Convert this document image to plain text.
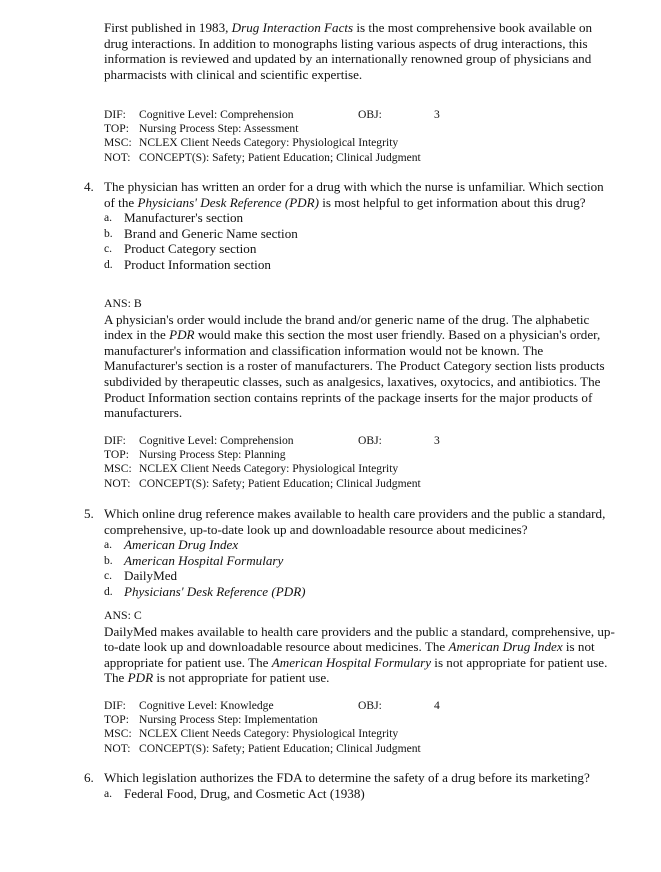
First published in 1983, Drug Interaction Facts is the most comprehensive book available on drug interactions. In addition to monographs listing various aspects of drug interactions, this information is reviewed and updated by an internationally renowned group of physicians and pharmacists with clinical and scientific expertise.

DIF: Cognitive Level: Comprehension	OBJ:	3
TOP: Nursing Process Step: Assessment
MSC: NCLEX Client Needs Category: Physiological Integrity
NOT: CONCEPT(S): Safety; Patient Education; Clinical Judgment
4. The physician has written an order for a drug with which the nurse is unfamiliar. Which section of the Physicians' Desk Reference (PDR) is most helpful to get information about this drug?
a. Manufacturer's section
b. Brand and Generic Name section
c. Product Category section
d. Product Information section
ANS: B
A physician's order would include the brand and/or generic name of the drug. The alphabetic index in the PDR would make this section the most user friendly. Based on a physician's order, manufacturer's information and classification information would not be known. The Manufacturer's section is a roster of manufacturers. The Product Category section lists products subdivided by therapeutic classes, such as analgesics, laxatives, oxytocics, and antibiotics. The Product Information section contains reprints of the package inserts for the major products of manufacturers.
DIF: Cognitive Level: Comprehension	OBJ:	3
TOP: Nursing Process Step: Planning
MSC: NCLEX Client Needs Category: Physiological Integrity
NOT: CONCEPT(S): Safety; Patient Education; Clinical Judgment
5. Which online drug reference makes available to health care providers and the public a standard, comprehensive, up-to-date look up and downloadable resource about medicines?
a. American Drug Index
b. American Hospital Formulary
c. DailyMed
d. Physicians' Desk Reference (PDR)
ANS: C
DailyMed makes available to health care providers and the public a standard, comprehensive, up-to-date look up and downloadable resource about medicines. The American Drug Index is not appropriate for patient use. The American Hospital Formulary is not appropriate for patient use. The PDR is not appropriate for patient use.
DIF: Cognitive Level: Knowledge	OBJ:	4
TOP: Nursing Process Step: Implementation
MSC: NCLEX Client Needs Category: Physiological Integrity
NOT: CONCEPT(S): Safety; Patient Education; Clinical Judgment
6. Which legislation authorizes the FDA to determine the safety of a drug before its marketing?
a. Federal Food, Drug, and Cosmetic Act (1938)
